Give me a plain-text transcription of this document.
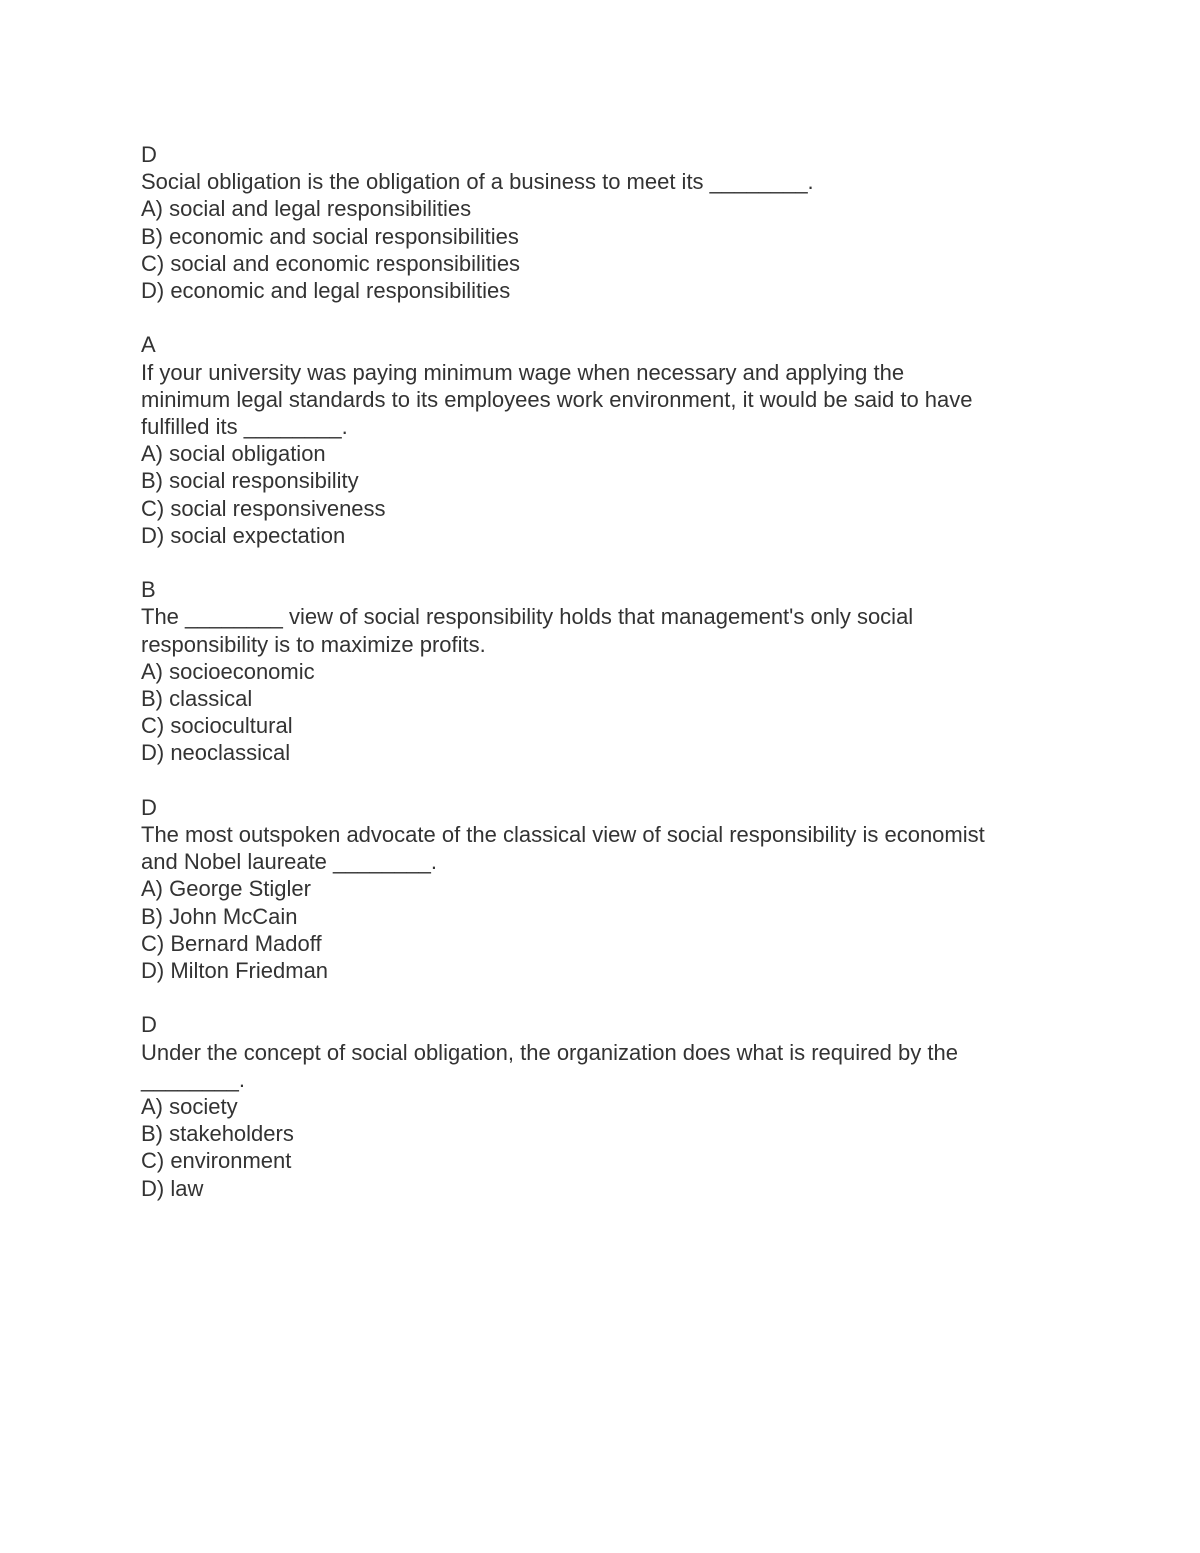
D
Social obligation is the obligation of a business to meet its ________.
A) social and legal responsibilities
B) economic and social responsibilities
C) social and economic responsibilities
D) economic and legal responsibilities
A
If your university was paying minimum wage when necessary and applying the
minimum legal standards to its employees work environment, it would be said to have
fulfilled its ________.
A) social obligation
B) social responsibility
C) social responsiveness
D) social expectation
B
The ________ view of social responsibility holds that management's only social
responsibility is to maximize profits.
A) socioeconomic
B) classical
C) sociocultural
D) neoclassical
D
The most outspoken advocate of the classical view of social responsibility is economist
and Nobel laureate ________.
A) George Stigler
B) John McCain
C) Bernard Madoff
D) Milton Friedman
D
Under the concept of social obligation, the organization does what is required by the
________.
A) society
B) stakeholders
C) environment
D) law
